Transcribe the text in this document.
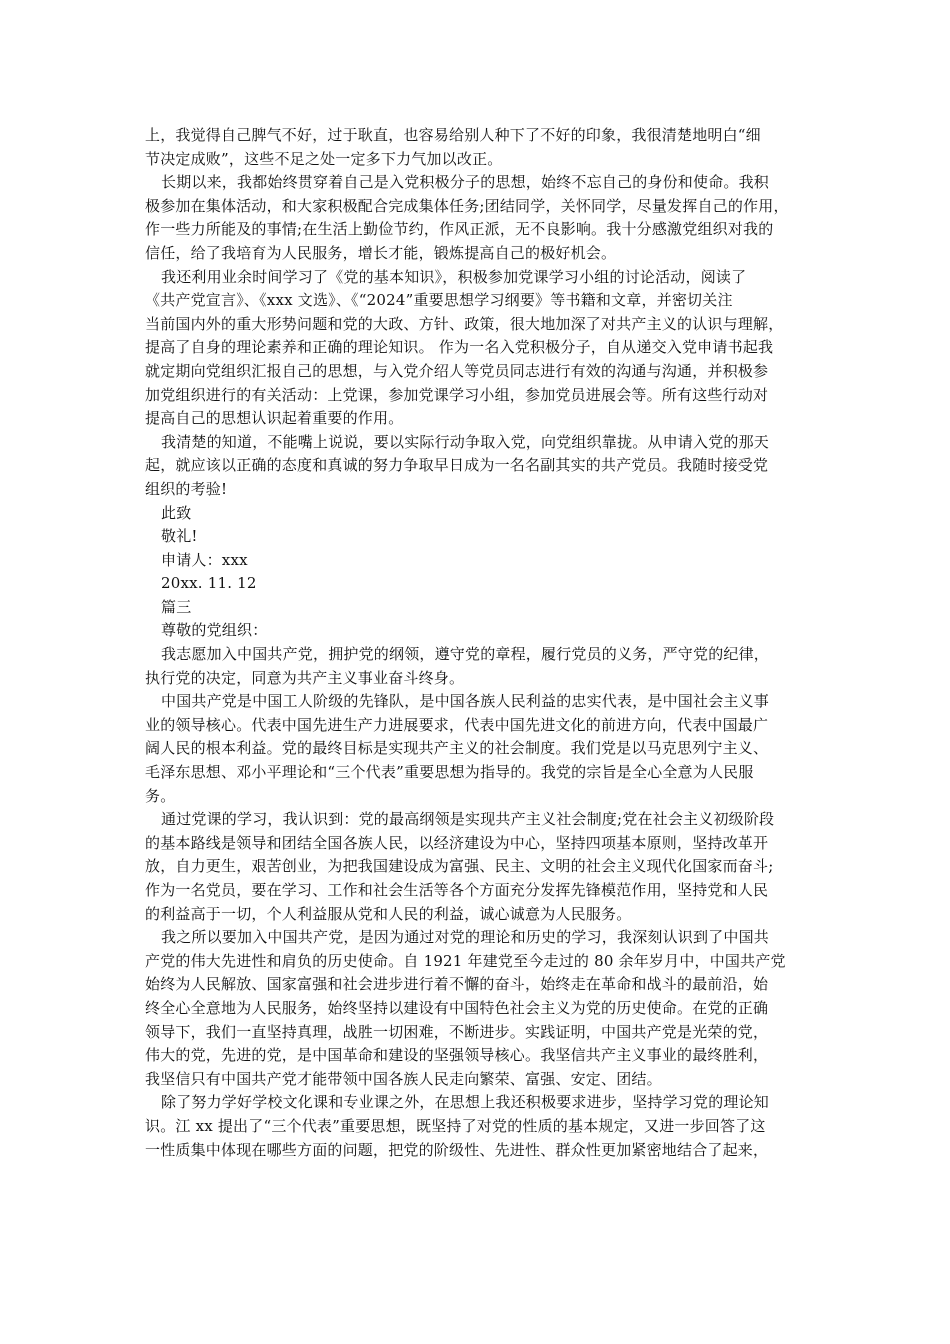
上，我觉得自己脾气不好，过于耿直，也容易给别人种下了不好的印象，我很清楚地明白“细
节决定成败”，这些不足之处一定多下力气加以改正。
长期以来，我都始终贯穿着自己是入党积极分子的思想，始终不忘自己的身份和使命。我积
极参加在集体活动，和大家积极配合完成集体任务;团结同学，关怀同学，尽量发挥自己的作用，
作一些力所能及的事情;在生活上勤俭节约，作风正派，无不良影响。我十分感激党组织对我的
信任，给了我培育为人民服务，增长才能，锻炼提高自己的极好机会。
我还利用业余时间学习了《党的基本知识》，积极参加党课学习小组的讨论活动，阅读了
《共产党宣言》、《xxx 文选》、《“2024”重要思想学习纲要》等书籍和文章，并密切关注
当前国内外的重大形势问题和党的大政、方针、政策，很大地加深了对共产主义的认识与理解，
提高了自身的理论素养和正确的理论知识。 作为一名入党积极分子，自从递交入党申请书起我
就定期向党组织汇报自己的思想，与入党介绍人等党员同志进行有效的沟通与沟通，并积极参
加党组织进行的有关活动：上党课，参加党课学习小组，参加党员进展会等。所有这些行动对
提高自己的思想认识起着重要的作用。
我清楚的知道，不能嘴上说说，要以实际行动争取入党，向党组织靠拢。从申请入党的那天
起，就应该以正确的态度和真诚的努力争取早日成为一名名副其实的共产党员。我随时接受党
组织的考验!
此致
敬礼!
申请人：xxx
20xx. 11. 12
篇三
尊敬的党组织：
我志愿加入中国共产党，拥护党的纲领，遵守党的章程，履行党员的义务，严守党的纪律，
执行党的决定，同意为共产主义事业奋斗终身。
中国共产党是中国工人阶级的先锋队，是中国各族人民利益的忠实代表，是中国社会主义事
业的领导核心。代表中国先进生产力进展要求，代表中国先进文化的前进方向，代表中国最广
阔人民的根本利益。党的最终目标是实现共产主义的社会制度。我们党是以马克思列宁主义、
毛泽东思想、邓小平理论和“三个代表”重要思想为指导的。我党的宗旨是全心全意为人民服
务。
通过党课的学习，我认识到：党的最高纲领是实现共产主义社会制度;党在社会主义初级阶段
的基本路线是领导和团结全国各族人民，以经济建设为中心，坚持四项基本原则，坚持改革开
放，自力更生，艰苦创业，为把我国建设成为富强、民主、文明的社会主义现代化国家而奋斗;
作为一名党员，要在学习、工作和社会生活等各个方面充分发挥先锋模范作用，坚持党和人民
的利益高于一切，个人利益服从党和人民的利益，诚心诚意为人民服务。
我之所以要加入中国共产党，是因为通过对党的理论和历史的学习，我深刻认识到了中国共
产党的伟大先进性和肩负的历史使命。自 1921 年建党至今走过的 80 余年岁月中，中国共产党
始终为人民解放、国家富强和社会进步进行着不懈的奋斗，始终走在革命和战斗的最前沿，始
终全心全意地为人民服务，始终坚持以建设有中国特色社会主义为党的历史使命。在党的正确
领导下，我们一直坚持真理，战胜一切困难，不断进步。实践证明，中国共产党是光荣的党，
伟大的党，先进的党，是中国革命和建设的坚强领导核心。我坚信共产主义事业的最终胜利，
我坚信只有中国共产党才能带领中国各族人民走向繁荣、富强、安定、团结。
除了努力学好学校文化课和专业课之外，在思想上我还积极要求进步，坚持学习党的理论知
识。江 xx 提出了“三个代表”重要思想，既坚持了对党的性质的基本规定，又进一步回答了这
一性质集中体现在哪些方面的问题，把党的阶级性、先进性、群众性更加紧密地结合了起来，
